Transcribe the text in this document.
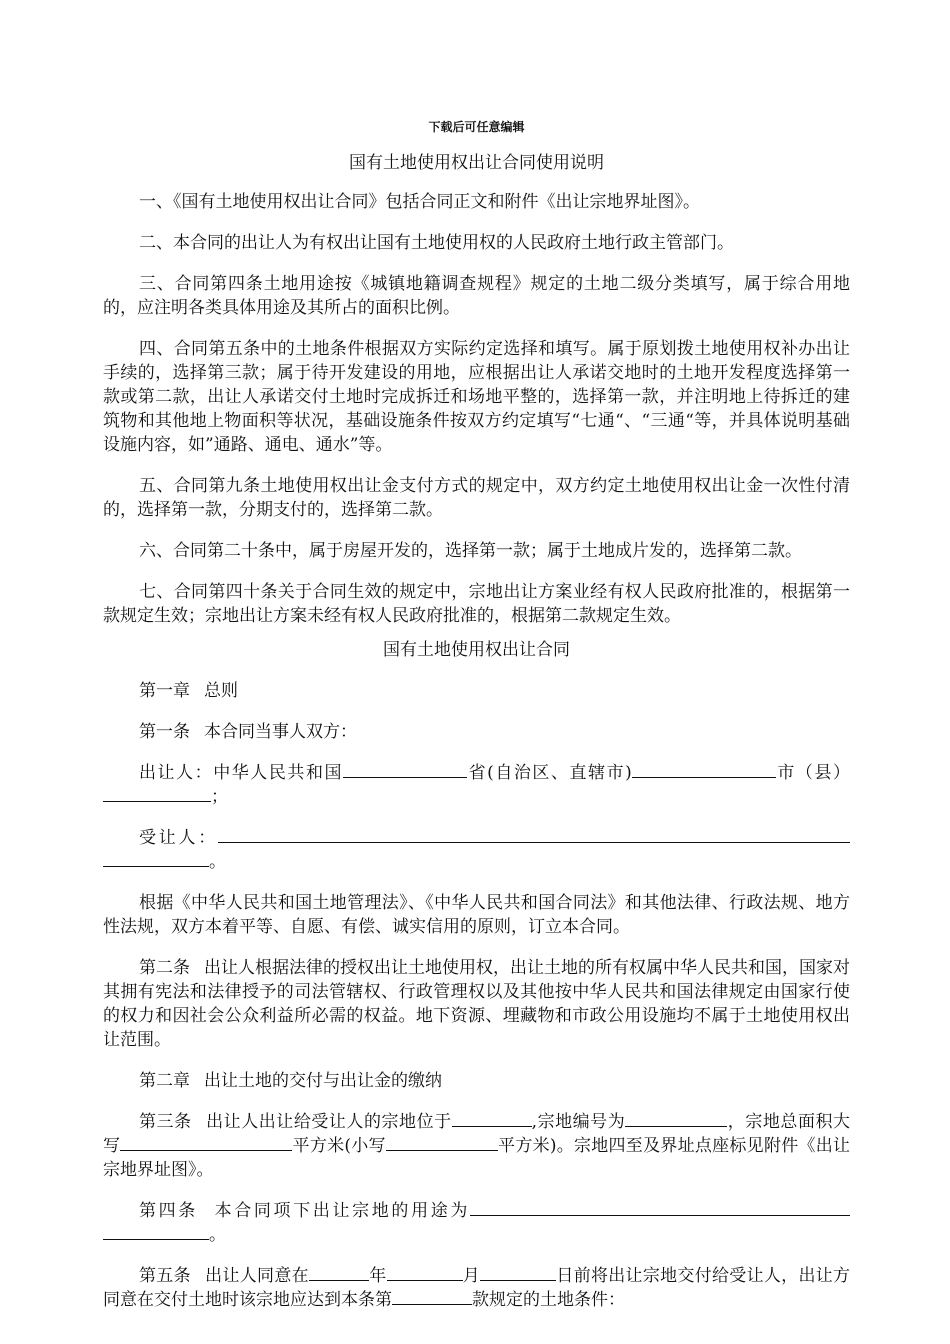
下载后可任意编辑
国有土地使用权出让合同使用说明

一、《国有土地使用权出让合同》包括合同正文和附件《出让宗地界址图》。

二、本合同的出让人为有权出让国有土地使用权的人民政府土地行政主管部门。

三、合同第四条土地用途按《城镇地籍调查规程》规定的土地二级分类填写，属于综合用地的，应注明各类具体用途及其所占的面积比例。

四、合同第五条中的土地条件根据双方实际约定选择和填写。属于原划拨土地使用权补办出让手续的，选择第三款；属于待开发建设的用地，应根据出让人承诺交地时的土地开发程度选择第一款或第二款，出让人承诺交付土地时完成拆迁和场地平整的，选择第一款，并注明地上待拆迁的建筑物和其他地上物面积等状况，基础设施条件按双方约定填写“七通“、“三通“等，并具体说明基础设施内容，如”通路、通电、通水”等。

五、合同第九条土地使用权出让金支付方式的规定中，双方约定土地使用权出让金一次性付清的，选择第一款，分期支付的，选择第二款。

六、合同第二十条中，属于房屋开发的，选择第一款；属于土地成片发的，选择第二款。

七、合同第四十条关于合同生效的规定中，宗地出让方案业经有权人民政府批准的，根据第一款规定生效；宗地出让方案未经有权人民政府批准的，根据第二款规定生效。

国有土地使用权出让合同

第一章 总则

第一条 本合同当事人双方：

出让人：中华人民共和国	省(自治区、直辖市)	市（县）；

受让人：。

根据《中华人民共和国土地管理法》、《中华人民共和国合同法》和其他法律、行政法规、地方性法规，双方本着平等、自愿、有偿、诚实信用的原则，订立本合同。

第二条 出让人根据法律的授权出让土地使用权，出让土地的所有权属中华人民共和国，国家对其拥有宪法和法律授予的司法管辖权、行政管理权以及其他按中华人民共和国法律规定由国家行使的权力和因社会公众利益所必需的权益。地下资源、埋藏物和市政公用设施均不属于土地使用权出让范围。

第二章 出让土地的交付与出让金的缴纳

第三条 出让人出让给受让人的宗地位于	,宗地编号为	，宗地总面积大写	平方米(小写	平方米)。宗地四至及界址点座标见附件《出让宗地界址图》。

第四条 本合同项下出让宗地的用途为。

第五条 出让人同意在	年	月	日前将出让宗地交付给受让人，出让方同意在交付土地时该宗地应达到本条第	款规定的土地条件：
